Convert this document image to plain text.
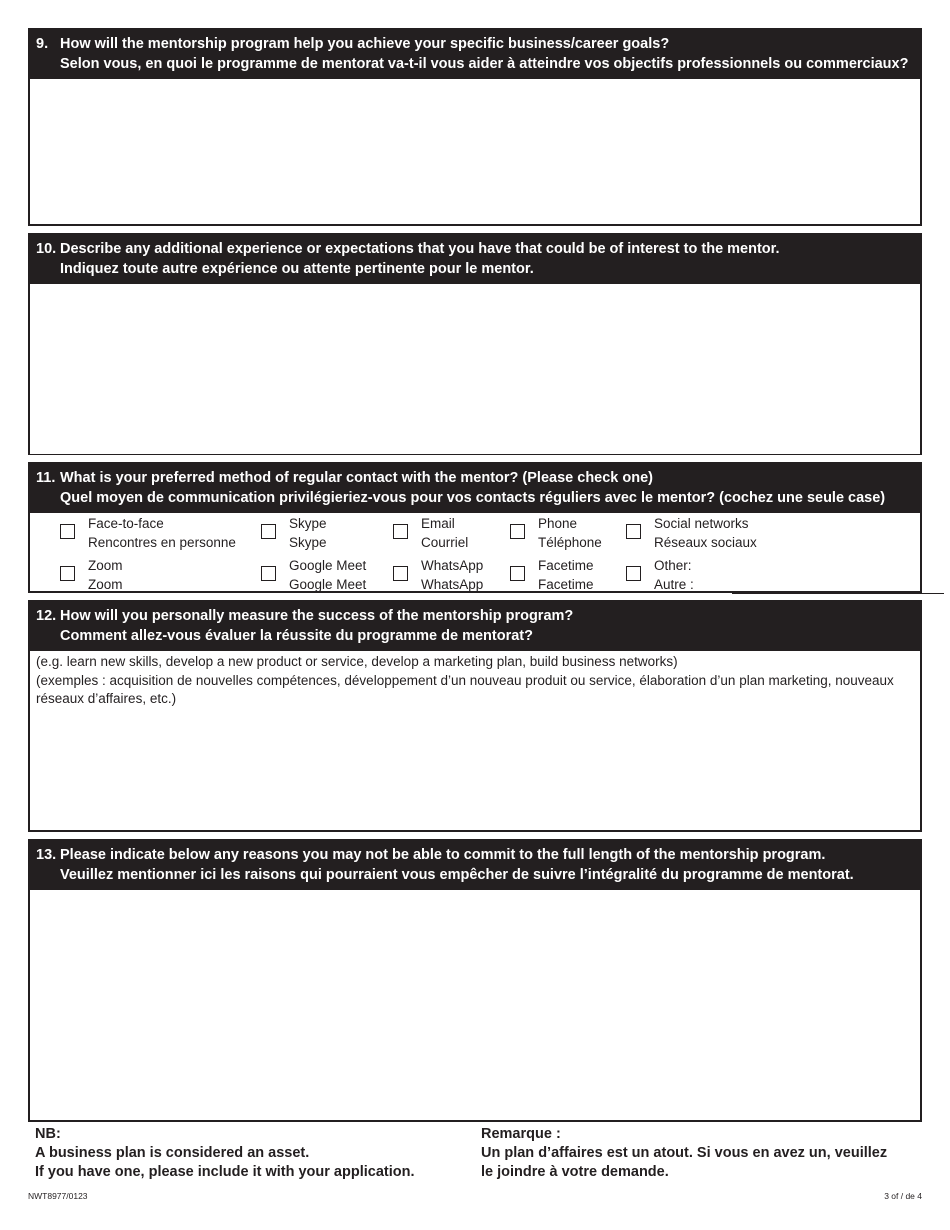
9. How will the mentorship program help you achieve your specific business/career goals?
Selon vous, en quoi le programme de mentorat va-t-il vous aider à atteindre vos objectifs professionnels ou commerciaux?
10. Describe any additional experience or expectations that you have that could be of interest to the mentor.
Indiquez toute autre expérience ou attente pertinente pour le mentor.
11. What is your preferred method of regular contact with the mentor? (Please check one)
Quel moyen de communication privilégieriez-vous pour vos contacts réguliers avec le mentor? (cochez une seule case)
Face-to-face
Rencontres en personne
Skype
Skype
Email
Courriel
Phone
Téléphone
Social networks
Réseaux sociaux
Zoom
Zoom
Google Meet
Google Meet
WhatsApp
WhatsApp
Facetime
Facetime
Other:
Autre :
12. How will you personally measure the success of the mentorship program?
Comment allez-vous évaluer la réussite du programme de mentorat?
(e.g. learn new skills, develop a new product or service, develop a marketing plan, build business networks)
(exemples : acquisition de nouvelles compétences, développement d’un nouveau produit ou service, élaboration d’un plan marketing, nouveaux réseaux d’affaires, etc.)
13. Please indicate below any reasons you may not be able to commit to the full length of the mentorship program.
Veuillez mentionner ici les raisons qui pourraient vous empêcher de suivre l’intégralité du programme de mentorat.
NB:
A business plan is considered an asset.
If you have one, please include it with your application.
Remarque :
Un plan d’affaires est un atout. Si vous en avez un, veuillez
le joindre à votre demande.
NWT8977/0123	3 of / de 4
